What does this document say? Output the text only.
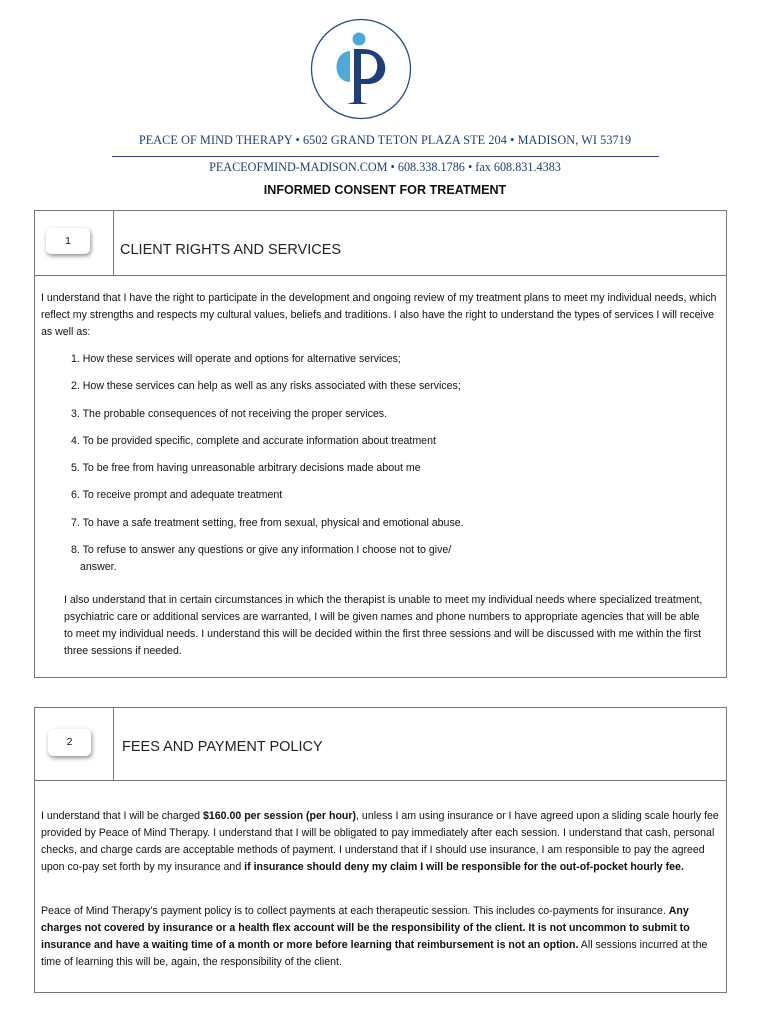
PEACE OF MIND THERAPY • 6502 GRAND TETON PLAZA STE 204 • MADISON, WI 53719
PEACEOFMIND-MADISON.COM • 608.338.1786 • fax 608.831.4383
INFORMED CONSENT FOR TREATMENT
1
CLIENT RIGHTS AND SERVICES
I understand that I have the right to participate in the development and ongoing review of my treatment plans to meet my individual needs, which reflect my strengths and respects my cultural values, beliefs and traditions. I also have the right to understand the types of services I will receive as well as:
1. How these services will operate and options for alternative services;
2. How these services can help as well as any risks associated with these services;
3. The probable consequences of not receiving the proper services.
4. To be provided specific, complete and accurate information about treatment
5. To be free from having unreasonable arbitrary decisions made about me
6. To receive prompt and adequate treatment
7. To have a safe treatment setting, free from sexual, physical and emotional abuse.
8. To refuse to answer any questions or give any information I choose not to give/
answer.
I also understand that in certain circumstances in which the therapist is unable to meet my individual needs where specialized treatment, psychiatric care or additional services are warranted, I will be given names and phone numbers to appropriate agencies that will be able to meet my individual needs. I understand this will be decided within the first three sessions and will be discussed with me within the first three sessions if needed.
2	FEES AND PAYMENT POLICY
I understand that I will be charged $160.00 per session (per hour), unless I am using insurance or I have agreed upon a sliding scale hourly fee provided by Peace of Mind Therapy. I understand that I will be obligated to pay immediately after each session. I understand that cash, personal checks, and charge cards are acceptable methods of payment. I understand that if I should use insurance, I am responsible to pay the agreed upon co-pay set forth by my insurance and if insurance should deny my claim I will be responsible for the out-of-pocket hourly fee.
Peace of Mind Therapy’s payment policy is to collect payments at each therapeutic session. This includes co-payments for insurance. Any charges not covered by insurance or a health flex account will be the responsibility of the client. It is not uncommon to submit to insurance and have a waiting time of a month or more before learning that reimbursement is not an option. All sessions incurred at the time of learning this will be, again, the responsibility of the client.
